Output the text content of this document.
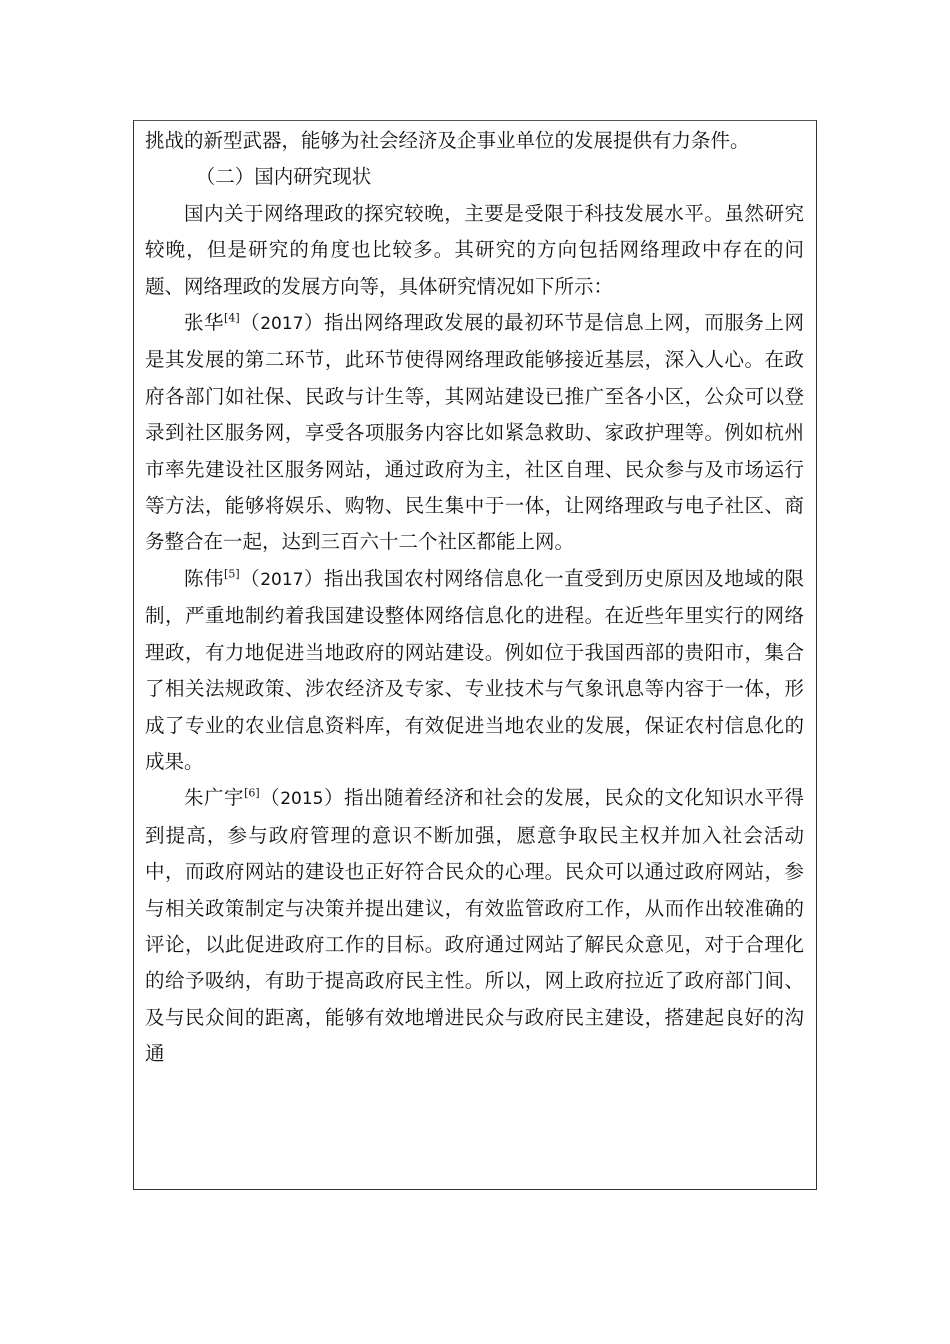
挑战的新型武器，能够为社会经济及企事业单位的发展提供有力条件。

（二）国内研究现状

国内关于网络理政的探究较晚，主要是受限于科技发展水平。虽然研究较晚，但是研究的角度也比较多。其研究的方向包括网络理政中存在的问题、网络理政的发展方向等，具体研究情况如下所示：

张华[4]（2017）指出网络理政发展的最初环节是信息上网，而服务上网是其发展的第二环节，此环节使得网络理政能够接近基层，深入人心。在政府各部门如社保、民政与计生等，其网站建设已推广至各小区，公众可以登录到社区服务网，享受各项服务内容比如紧急救助、家政护理等。例如杭州市率先建设社区服务网站，通过政府为主，社区自理、民众参与及市场运行等方法，能够将娱乐、购物、民生集中于一体，让网络理政与电子社区、商务整合在一起，达到三百六十二个社区都能上网。

陈伟[5]（2017）指出我国农村网络信息化一直受到历史原因及地域的限制，严重地制约着我国建设整体网络信息化的进程。在近些年里实行的网络理政，有力地促进当地政府的网站建设。例如位于我国西部的贵阳市，集合了相关法规政策、涉农经济及专家、专业技术与气象讯息等内容于一体，形成了专业的农业信息资料库，有效促进当地农业的发展，保证农村信息化的成果。

朱广宇[6]（2015）指出随着经济和社会的发展，民众的文化知识水平得到提高，参与政府管理的意识不断加强，愿意争取民主权并加入社会活动中，而政府网站的建设也正好符合民众的心理。民众可以通过政府网站，参与相关政策制定与决策并提出建议，有效监管政府工作，从而作出较准确的评论，以此促进政府工作的目标。政府通过网站了解民众意见，对于合理化的给予吸纳，有助于提高政府民主性。所以，网上政府拉近了政府部门间、及与民众间的距离，能够有效地增进民众与政府民主建设，搭建起良好的沟通
